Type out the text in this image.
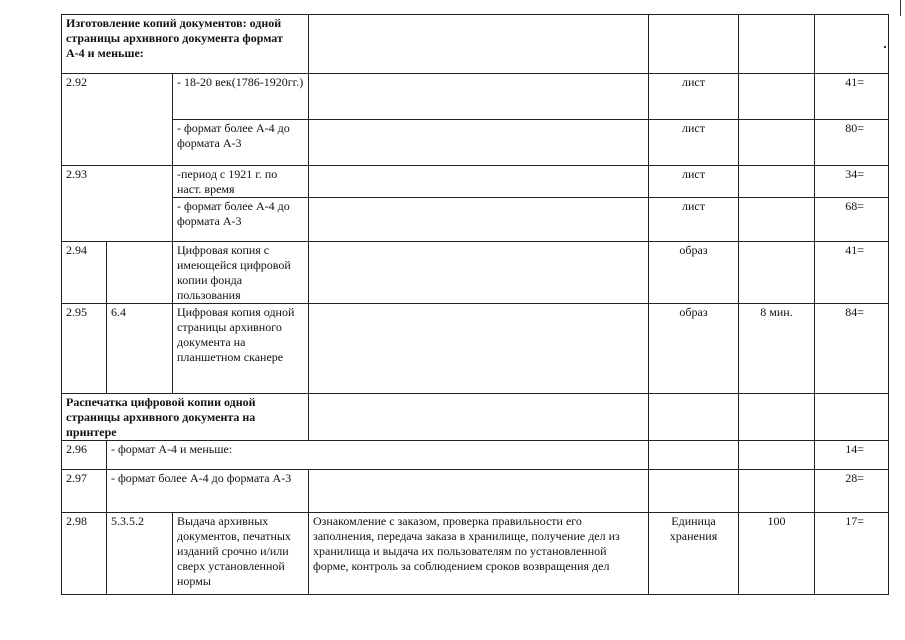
Изготовление копий документов: одной страницы архивного документа формат А-4 и меньше:						
2.92		- 18-20 век(1786-1920гг.)		лист		41=
		- формат более А-4 до формата А-3		лист		80=
2.93		-период с 1921 г. по наст. время		лист		34=
		- формат более А-4 до формата А-3		лист		68=
2.94		Цифровая копия с имеющейся цифровой копии фонда пользования		образ		41=
2.95	6.4	Цифровая копия одной страницы архивного документа на планшетном сканере		образ	8 мин.	84=
Распечатка цифровой копии одной страницы архивного документа на принтере						
2.96	- формат А-4 и меньше:					14=
2.97	- формат более А-4 до формата А-3					28=
2.98	5.3.5.2	Выдача архивных документов, печатных изданий срочно и/или сверх установленной нормы	Ознакомление с заказом, проверка правильности его заполнения, передача заказа в хранилище, получение дел из хранилища и выдача их пользователям по установленной форме, контроль за соблюдением сроков возвращения дел	Единица хранения	100	17=
